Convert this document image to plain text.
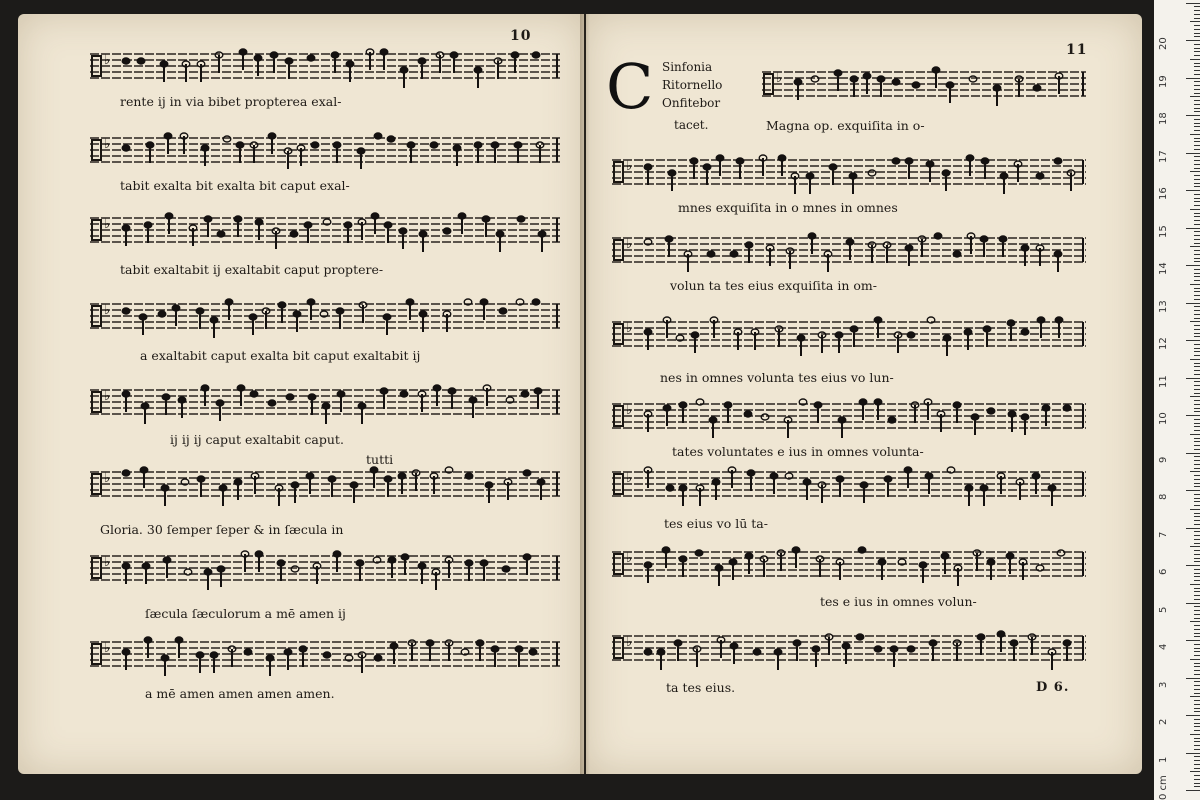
10
11
♭
rente ij in via bibet propterea exal-
♭
tabit exalta bit exalta bit caput exal-
♭
tabit exaltabit ij exaltabit caput proptere-
♭
a exaltabit caput exalta bit caput exaltabit ij
♭
ij ij ij caput exaltabit caput.
tutti
♭
Gloria. 30 ſemper ſeper & in ſæcula in
♭
ſæcula ſæculorum a mē amen ij
♭
a mē amen amen amen amen.
C Sinfonia
Ritornello
Onfitebor
tacet.
♭
Magna op. exquiſita in o-
♭
mnes exquiſita in o mnes in omnes
♭
volun ta tes eius exquiſita in om-
♭
nes in omnes volunta tes eius vo lun-
♭
tates voluntates e ius in omnes volunta-
♭
tes eius vo lū ta-
♭
tes e ius in omnes volun-
♭
ta tes eius.	D 6.
0 cm
1
2
3
4
5
6
7
8
9
10
11
12
13
14
15
16
17
18
19
20
